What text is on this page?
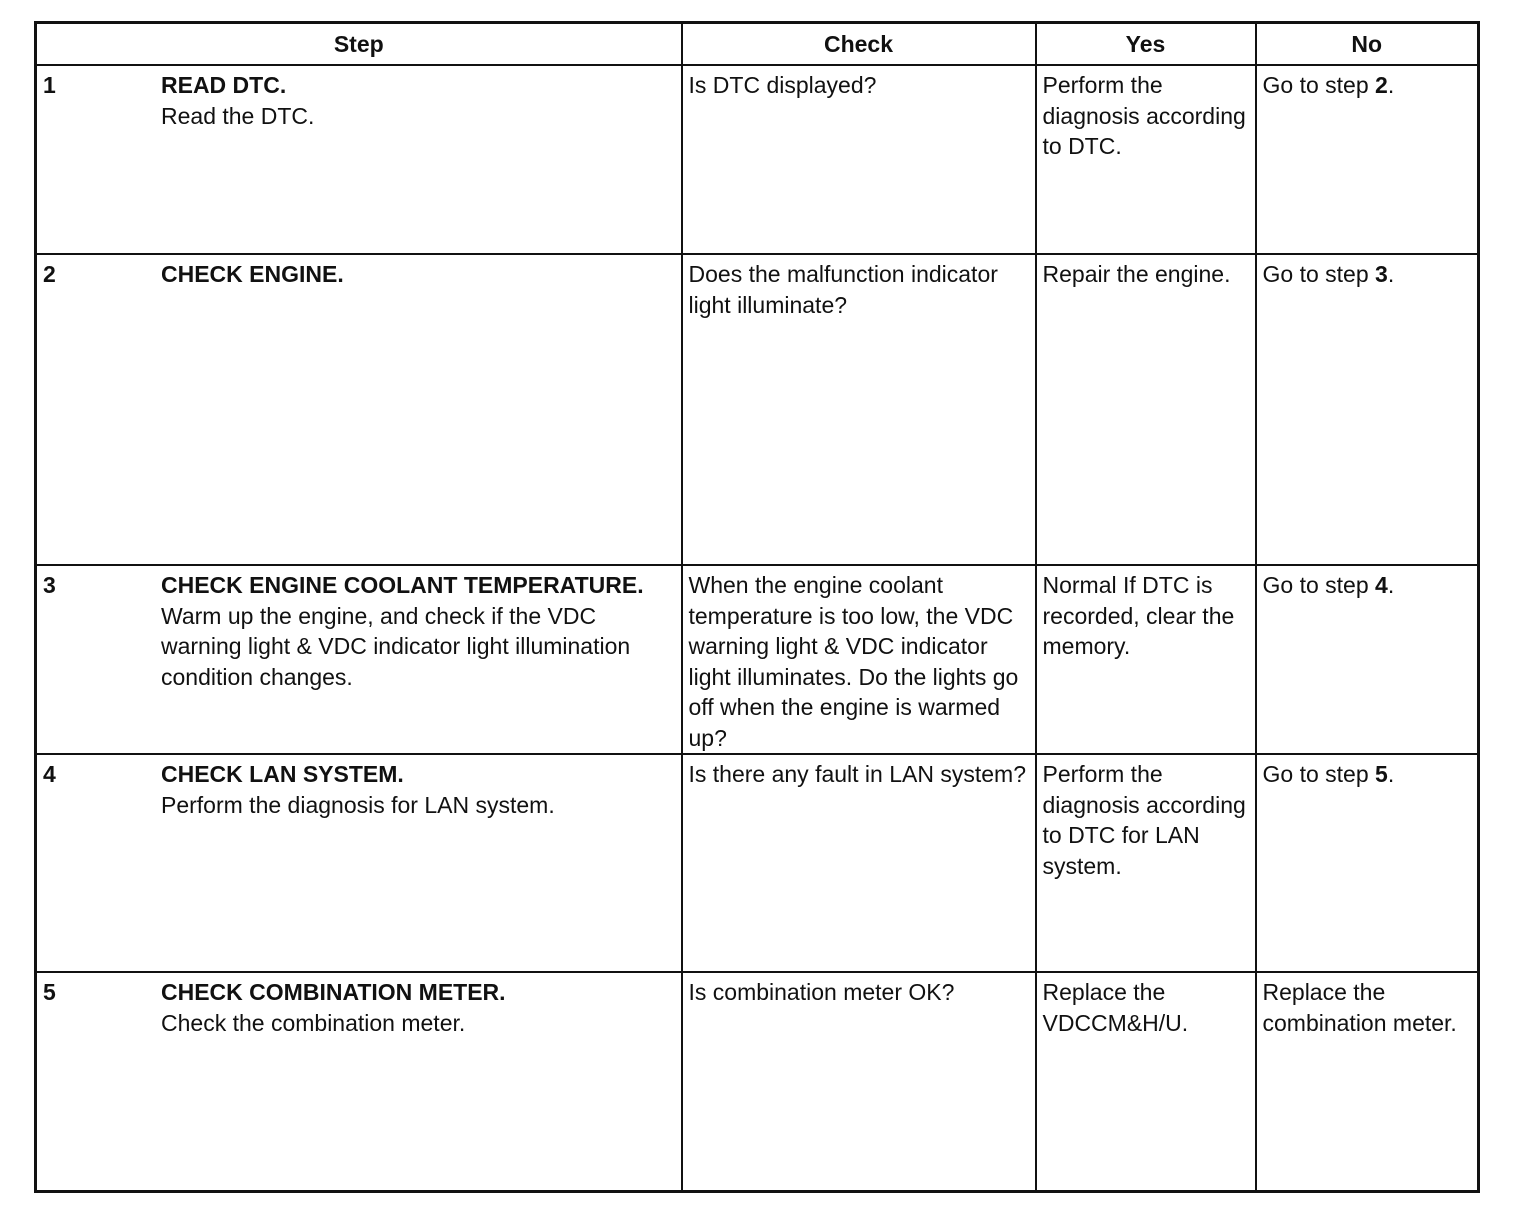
Step	Check	Yes	No

1 READ DTC.
Read the DTC.	Is DTC displayed?	Perform the diagnosis according to DTC.	Go to step 2.

2 CHECK ENGINE.	Does the malfunction indicator light illuminate?	Repair the engine.	Go to step 3.

3 CHECK ENGINE COOLANT TEMPERATURE.
Warm up the engine, and check if the VDC warning light & VDC indicator light illumination condition changes.	When the engine coolant temperature is too low, the VDC warning light & VDC indicator light illuminates. Do the lights go off when the engine is warmed up?	Normal If DTC is recorded, clear the memory.	Go to step 4.

4 CHECK LAN SYSTEM.
Perform the diagnosis for LAN system.	Is there any fault in LAN system?	Perform the diagnosis according to DTC for LAN system.	Go to step 5.

5 CHECK COMBINATION METER.
Check the combination meter.	Is combination meter OK?	Replace the VDCCM&H/U.	Replace the combination meter.
